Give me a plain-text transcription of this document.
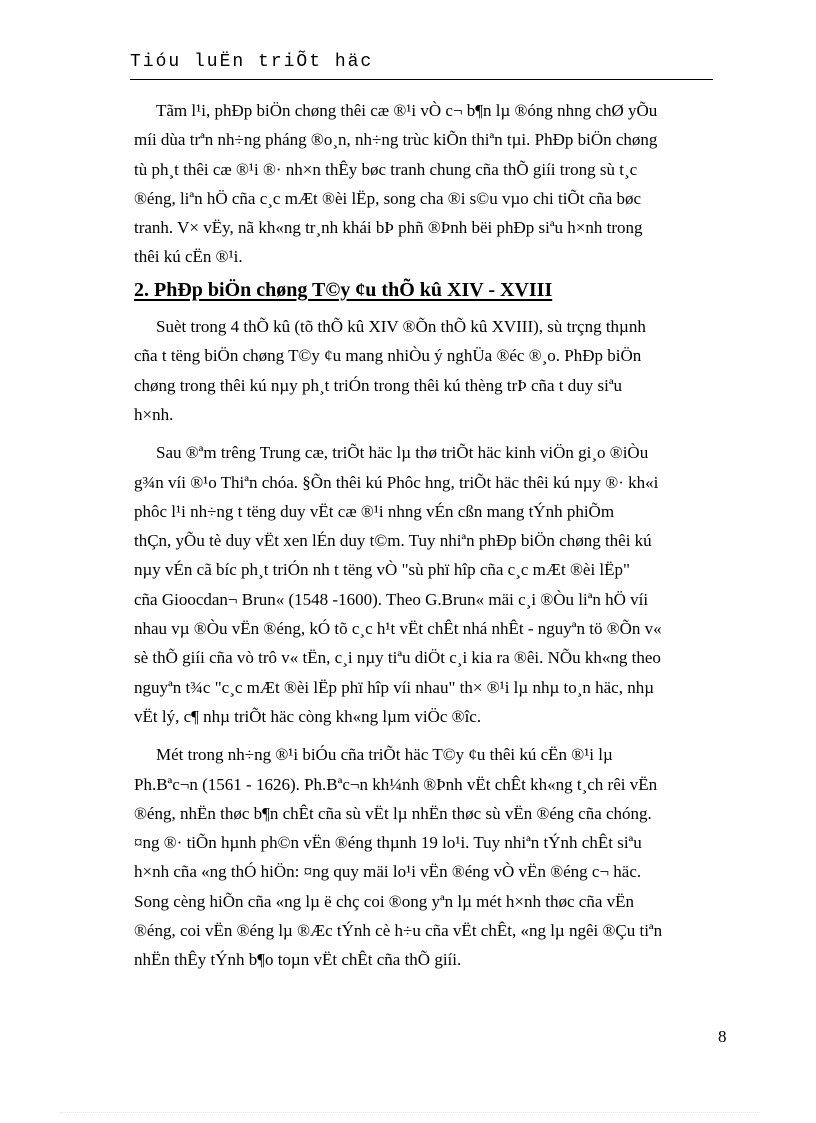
Tióu luËn triÕt häc
Tãm l¹i, phÐp biÖn chøng thêi cæ ®¹i vÒ c¬ b¶n lµ ®óng nhng chØ yÕu
míi dùa trªn nh÷ng pháng ®o¸n, nh÷ng trùc kiÕn thiªn tµi. PhÐp biÖn chøng
tù ph¸t thêi cæ ®¹i ®· nh×n thÊy bøc tranh chung cña thÕ giíi trong sù t¸c
®éng, liªn hÖ cña c¸c mÆt ®èi lËp, song cha ®i s©u vµo chi tiÕt cña bøc
tranh. V× vËy, nã kh«ng tr¸nh khái bÞ phñ ®Þnh bëi phÐp siªu h×nh trong
thêi kú cËn ®¹i.
2. PhÐp biÖn chøng T©y ¢u thÕ kû XIV - XVIII
Suèt trong 4 thÕ kû (tõ thÕ kû XIV ®Õn thÕ kû XVIII), sù trçng thµnh
cña t tëng biÖn chøng T©y ¢u mang nhiÒu ý nghÜa ®éc ®¸o. PhÐp biÖn
chøng trong thêi kú nµy ph¸t triÓn trong thêi kú thèng trÞ cña t duy siªu
h×nh.
Sau ®ªm trêng Trung cæ, triÕt häc lµ thø triÕt häc kinh viÖn gi¸o ®iÒu
g¾n víi ®¹o Thiªn chóa. §Õn thêi kú Phôc hng, triÕt häc thêi kú nµy ®· kh«i
phôc l¹i nh÷ng t tëng duy vËt cæ ®¹i nhng vÉn cßn mang tÝnh phiÕm
thÇn, yÕu tè duy vËt xen lÉn duy t©m. Tuy nhiªn phÐp biÖn chøng thêi kú
nµy vÉn cã bíc ph¸t triÓn nh t tëng vÒ "sù phï hîp cña c¸c mÆt ®èi lËp"
cña Gioocdan¬ Brun« (1548 -1600). Theo G.Brun« mäi c¸i ®Òu liªn hÖ víi
nhau vµ ®Òu vËn ®éng, kÓ tõ c¸c h¹t vËt chÊt nhá nhÊt - nguyªn tö ®Õn v«
sè thÕ giíi cña vò trô v« tËn, c¸i nµy tiªu diÖt c¸i kia ra ®êi. NÕu kh«ng theo
nguyªn t¾c "c¸c mÆt ®èi lËp phï hîp víi nhau" th× ®¹i lµ nhµ to¸n häc, nhµ
vËt lý, c¶ nhµ triÕt häc còng kh«ng lµm viÖc ®îc.
Mét trong nh÷ng ®¹i biÓu cña triÕt häc T©y ¢u thêi kú cËn ®¹i lµ
Ph.Bªc¬n (1561 - 1626). Ph.Bªc¬n kh¼nh ®Þnh vËt chÊt kh«ng t¸ch rêi vËn
®éng, nhËn thøc b¶n chÊt cña sù vËt lµ nhËn thøc sù vËn ®éng cña chóng.
¤ng ®· tiÕn hµnh ph©n vËn ®éng thµnh 19 lo¹i. Tuy nhiªn tÝnh chÊt siªu
h×nh cña «ng thÓ hiÖn: ¤ng quy mäi lo¹i vËn ®éng vÒ vËn ®éng c¬ häc.
Song cèng hiÕn cña «ng lµ ë chç coi ®ong yªn lµ mét h×nh thøc cña vËn
®éng, coi vËn ®éng lµ ®Æc tÝnh cè h÷u cña vËt chÊt, «ng lµ ngêi ®Çu tiªn
nhËn thÊy tÝnh b¶o toµn vËt chÊt cña thÕ giíi.
8
